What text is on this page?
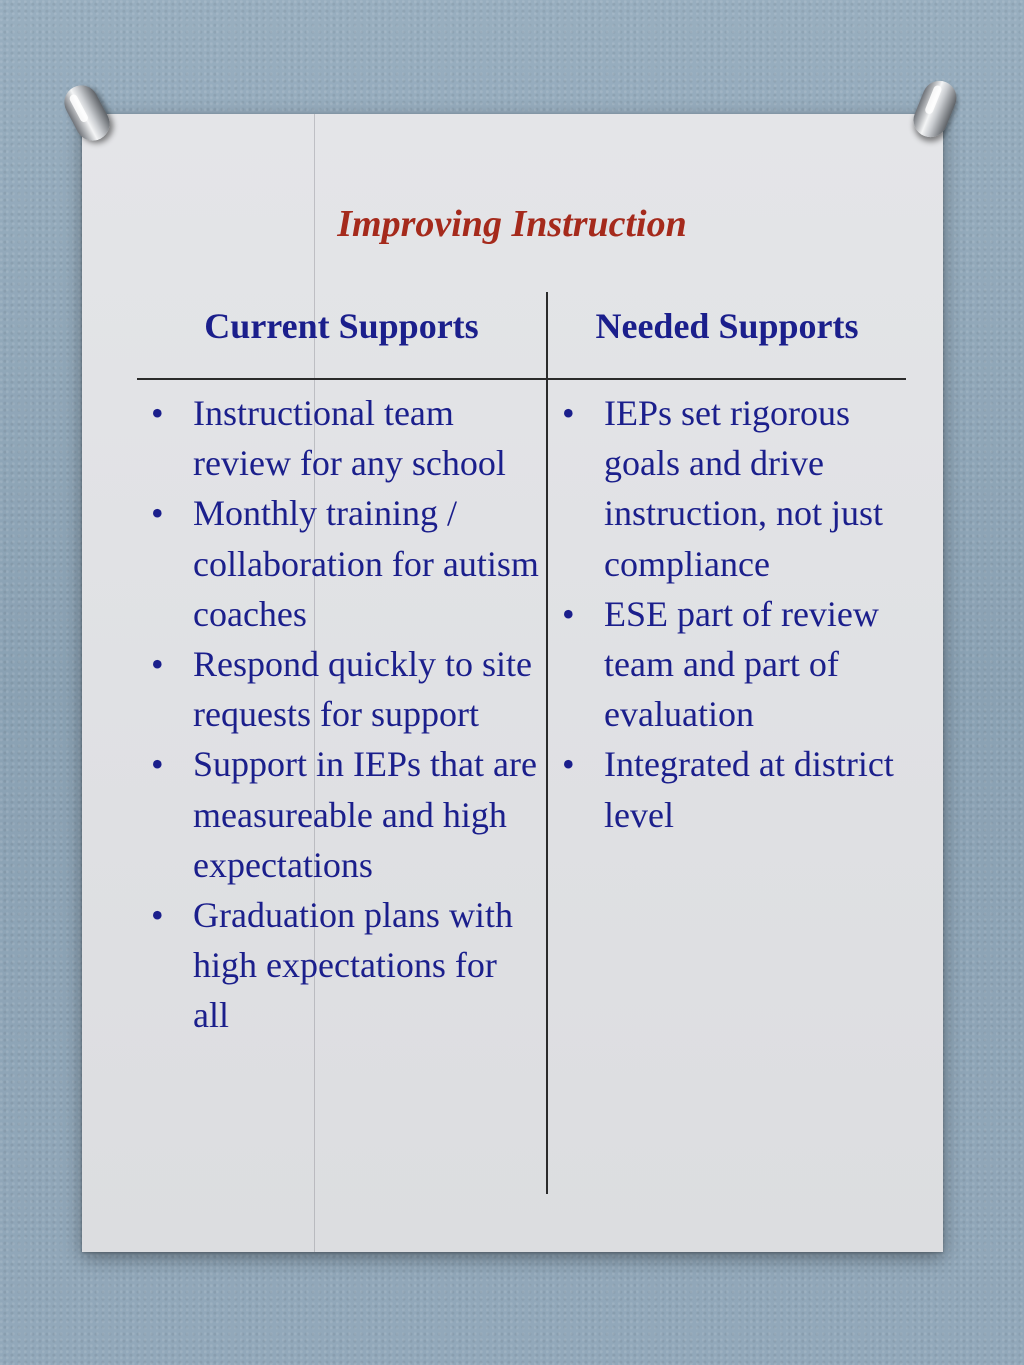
Improving Instruction
Current Supports	Needed Supports
• Instructional team review for any school
• Monthly training / collaboration for autism coaches
• Respond quickly to site requests for support
• Support in IEPs that are measureable and high expectations
• Graduation plans with high expectations for all
• IEPs set rigorous goals and drive instruction, not just compliance
• ESE part of review team and part of evaluation
• Integrated at district level
